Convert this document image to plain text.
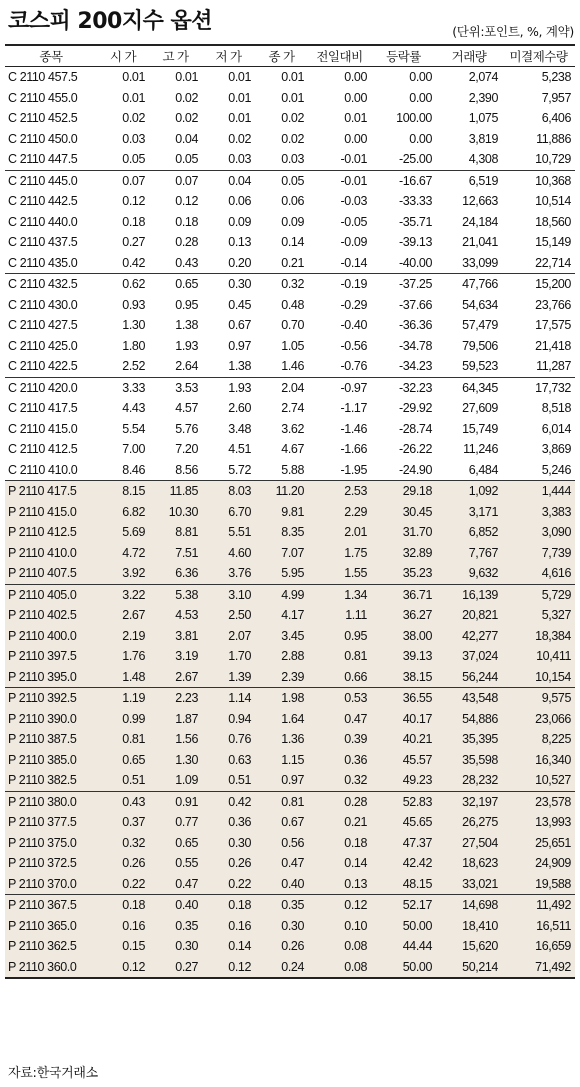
코스피 200지수 옵션	(단위:포인트, %, 계약)
종목	시 가	고 가	저 가	종 가	전일대비	등락률	거래량	미결제수량
C 2110 457.5	0.01	0.01	0.01	0.01	0.00	0.00	2,074	5,238
C 2110 455.0	0.01	0.02	0.01	0.01	0.00	0.00	2,390	7,957
C 2110 452.5	0.02	0.02	0.01	0.02	0.01	100.00	1,075	6,406
C 2110 450.0	0.03	0.04	0.02	0.02	0.00	0.00	3,819	11,886
C 2110 447.5	0.05	0.05	0.03	0.03	-0.01	-25.00	4,308	10,729
C 2110 445.0	0.07	0.07	0.04	0.05	-0.01	-16.67	6,519	10,368
C 2110 442.5	0.12	0.12	0.06	0.06	-0.03	-33.33	12,663	10,514
C 2110 440.0	0.18	0.18	0.09	0.09	-0.05	-35.71	24,184	18,560
C 2110 437.5	0.27	0.28	0.13	0.14	-0.09	-39.13	21,041	15,149
C 2110 435.0	0.42	0.43	0.20	0.21	-0.14	-40.00	33,099	22,714
C 2110 432.5	0.62	0.65	0.30	0.32	-0.19	-37.25	47,766	15,200
C 2110 430.0	0.93	0.95	0.45	0.48	-0.29	-37.66	54,634	23,766
C 2110 427.5	1.30	1.38	0.67	0.70	-0.40	-36.36	57,479	17,575
C 2110 425.0	1.80	1.93	0.97	1.05	-0.56	-34.78	79,506	21,418
C 2110 422.5	2.52	2.64	1.38	1.46	-0.76	-34.23	59,523	11,287
C 2110 420.0	3.33	3.53	1.93	2.04	-0.97	-32.23	64,345	17,732
C 2110 417.5	4.43	4.57	2.60	2.74	-1.17	-29.92	27,609	8,518
C 2110 415.0	5.54	5.76	3.48	3.62	-1.46	-28.74	15,749	6,014
C 2110 412.5	7.00	7.20	4.51	4.67	-1.66	-26.22	11,246	3,869
C 2110 410.0	8.46	8.56	5.72	5.88	-1.95	-24.90	6,484	5,246
P 2110 417.5	8.15	11.85	8.03	11.20	2.53	29.18	1,092	1,444
P 2110 415.0	6.82	10.30	6.70	9.81	2.29	30.45	3,171	3,383
P 2110 412.5	5.69	8.81	5.51	8.35	2.01	31.70	6,852	3,090
P 2110 410.0	4.72	7.51	4.60	7.07	1.75	32.89	7,767	7,739
P 2110 407.5	3.92	6.36	3.76	5.95	1.55	35.23	9,632	4,616
P 2110 405.0	3.22	5.38	3.10	4.99	1.34	36.71	16,139	5,729
P 2110 402.5	2.67	4.53	2.50	4.17	1.11	36.27	20,821	5,327
P 2110 400.0	2.19	3.81	2.07	3.45	0.95	38.00	42,277	18,384
P 2110 397.5	1.76	3.19	1.70	2.88	0.81	39.13	37,024	10,411
P 2110 395.0	1.48	2.67	1.39	2.39	0.66	38.15	56,244	10,154
P 2110 392.5	1.19	2.23	1.14	1.98	0.53	36.55	43,548	9,575
P 2110 390.0	0.99	1.87	0.94	1.64	0.47	40.17	54,886	23,066
P 2110 387.5	0.81	1.56	0.76	1.36	0.39	40.21	35,395	8,225
P 2110 385.0	0.65	1.30	0.63	1.15	0.36	45.57	35,598	16,340
P 2110 382.5	0.51	1.09	0.51	0.97	0.32	49.23	28,232	10,527
P 2110 380.0	0.43	0.91	0.42	0.81	0.28	52.83	32,197	23,578
P 2110 377.5	0.37	0.77	0.36	0.67	0.21	45.65	26,275	13,993
P 2110 375.0	0.32	0.65	0.30	0.56	0.18	47.37	27,504	25,651
P 2110 372.5	0.26	0.55	0.26	0.47	0.14	42.42	18,623	24,909
P 2110 370.0	0.22	0.47	0.22	0.40	0.13	48.15	33,021	19,588
P 2110 367.5	0.18	0.40	0.18	0.35	0.12	52.17	14,698	11,492
P 2110 365.0	0.16	0.35	0.16	0.30	0.10	50.00	18,410	16,511
P 2110 362.5	0.15	0.30	0.14	0.26	0.08	44.44	15,620	16,659
P 2110 360.0	0.12	0.27	0.12	0.24	0.08	50.00	50,214	71,492
자료:한국거래소
